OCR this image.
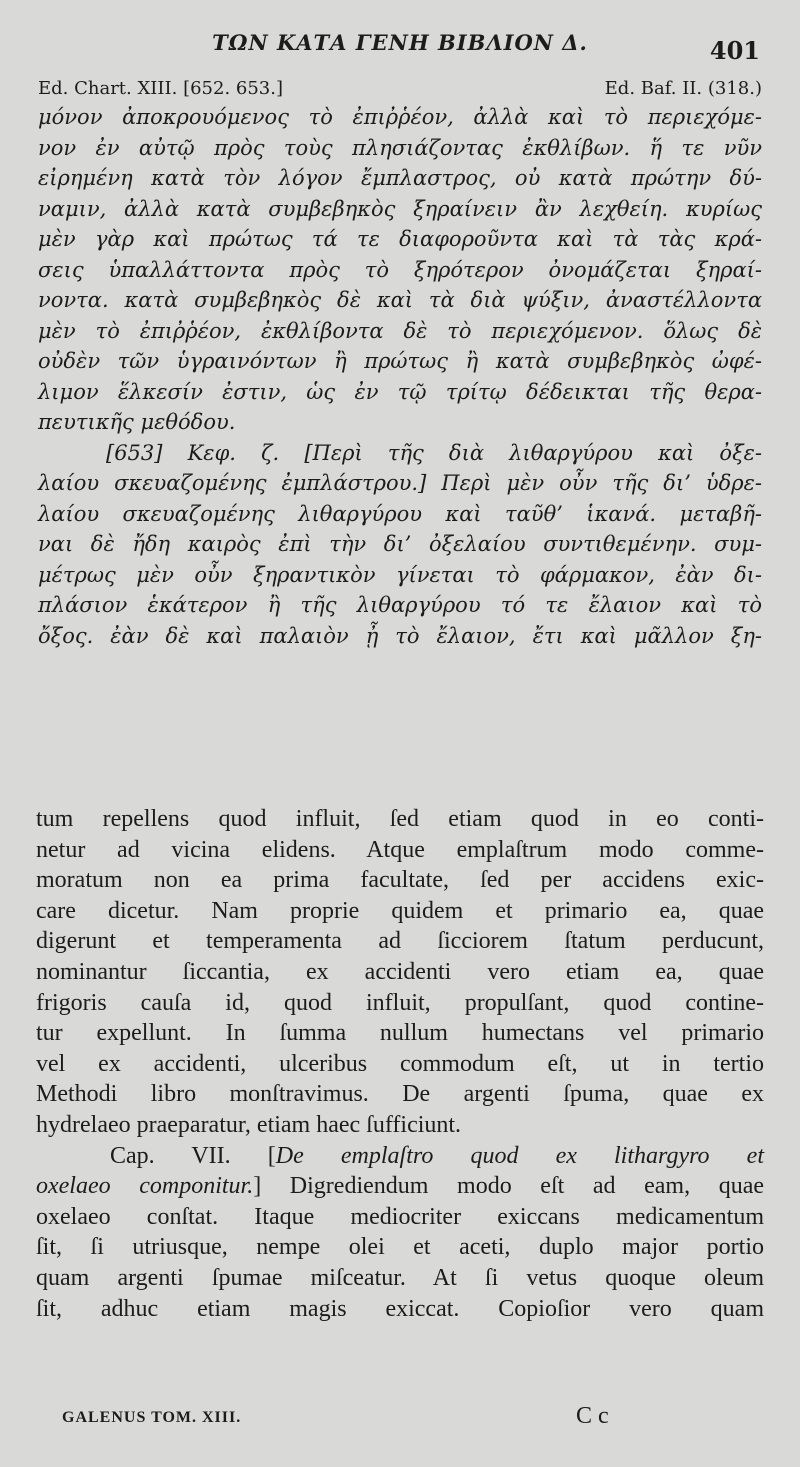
ΤΩΝ ΚΑΤΑ ΓΕΝΗ ΒΙΒΛΙΟΝ Δ.	401
Ed. Chart. XIII. [652. 653.]	Ed. Baf. II. (318.)
μόνον ἀποκρουόμενος τὸ ἐπιῤῥέον, ἀλλὰ καὶ τὸ περιεχόμε-
νον ἐν αὐτῷ πρὸς τοὺς πλησιάζοντας ἐκθλίβων. ἥ τε νῦν
εἰρημένη κατὰ τὸν λόγον ἔμπλαστρος, οὐ κατὰ πρώτην δύ-
ναμιν, ἀλλὰ κατὰ συμβεβηκὸς ξηραίνειν ἂν λεχθείη. κυρίως
μὲν γὰρ καὶ πρώτως τά τε διαφοροῦντα καὶ τὰ τὰς κρά-
σεις ὑπαλλάττοντα πρὸς τὸ ξηρότερον ὀνομάζεται ξηραί-
νοντα. κατὰ συμβεβηκὸς δὲ καὶ τὰ διὰ ψύξιν, ἀναστέλλοντα
μὲν τὸ ἐπιῤῥέον, ἐκθλίβοντα δὲ τὸ περιεχόμενον. ὅλως δὲ
οὐδὲν τῶν ὑγραινόντων ἢ πρώτως ἢ κατὰ συμβεβηκὸς ὠφέ-
λιμον ἕλκεσίν ἐστιν, ὡς ἐν τῷ τρίτῳ δέδεικται τῆς θερα-
πευτικῆς μεθόδου.
[653] Κεφ. ζ. [Περὶ τῆς διὰ λιθαργύρου καὶ ὀξε-
λαίου σκευαζομένης ἐμπλάστρου.] Περὶ μὲν οὖν τῆς δι’ ὑδρε-
λαίου σκευαζομένης λιθαργύρου καὶ ταῦθ’ ἱκανά. μεταβῆ-
ναι δὲ ἤδη καιρὸς ἐπὶ τὴν δι’ ὀξελαίου συντιθεμένην. συμ-
μέτρως μὲν οὖν ξηραντικὸν γίνεται τὸ φάρμακον, ἐὰν δι-
πλάσιον ἑκάτερον ἢ τῆς λιθαργύρου τό τε ἔλαιον καὶ τὸ
ὄξος. ἐὰν δὲ καὶ παλαιὸν ᾖ τὸ ἔλαιον, ἔτι καὶ μᾶλλον ξη-
tum repellens quod influit, ſed etiam quod in eo conti-
netur ad vicina elidens. Atque emplaſtrum modo comme-
moratum non ea prima facultate, ſed per accidens exic-
care dicetur. Nam proprie quidem et primario ea, quae
digerunt et temperamenta ad ſicciorem ſtatum perducunt,
nominantur ſiccantia, ex accidenti vero etiam ea, quae
frigoris cauſa id, quod influit, propulſant, quod contine-
tur expellunt. In ſumma nullum humectans vel primario
vel ex accidenti, ulceribus commodum eſt, ut in tertio
Methodi libro monſtravimus. De argenti ſpuma, quae ex
hydrelaeo praeparatur, etiam haec ſufficiunt.
Cap. VII. [De emplaſtro quod ex lithargyro et
oxelaeo componitur.] Digrediendum modo eſt ad eam, quae
oxelaeo conſtat. Itaque mediocriter exiccans medicamentum
ſit, ſi utriusque, nempe olei et aceti, duplo major portio
quam argenti ſpumae miſceatur. At ſi vetus quoque oleum
ſit, adhuc etiam magis exiccat. Copioſior vero quam
GALENUS TOM. XIII.	C c
